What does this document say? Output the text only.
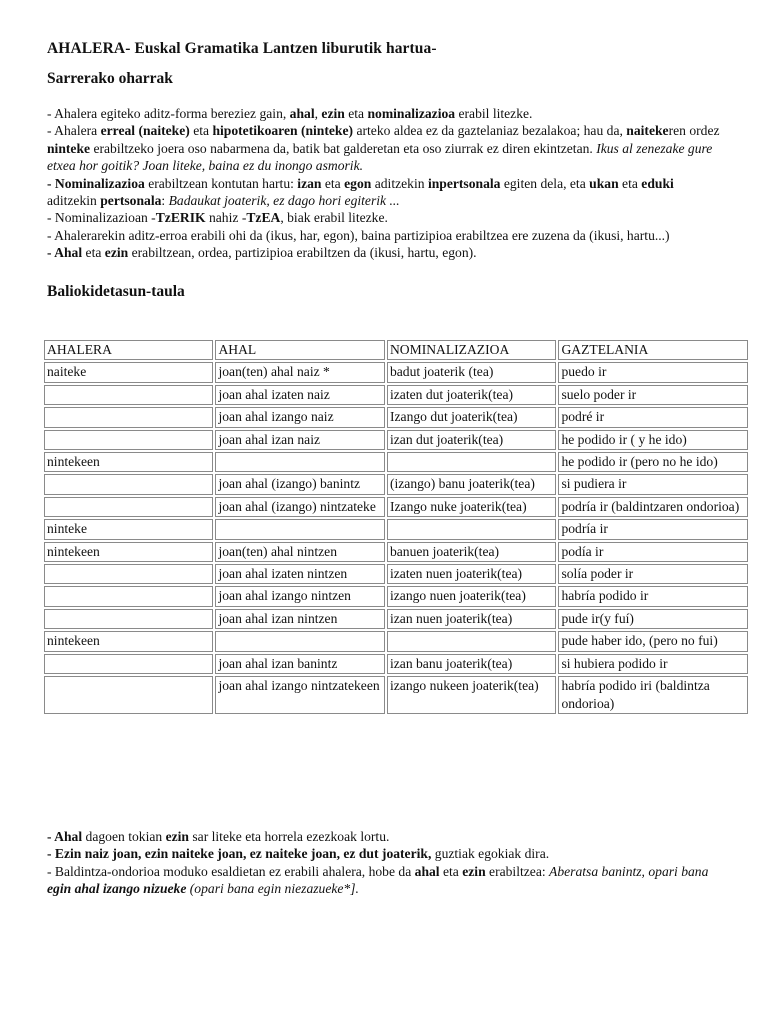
AHALERA- Euskal Gramatika Lantzen liburutik hartua-
Sarrerako oharrak

- Ahalera egiteko aditz-forma bereziez gain, ahal, ezin eta nominalizazioa erabil litezke.

- Ahalera erreal (naiteke) eta hipotetikoaren (ninteke) arteko aldea ez da gaztelaniaz bezalakoa; hau da, naitekeren ordez ninteke erabiltzeko joera oso nabarmena da, batik bat galderetan eta oso ziurrak ez diren ekintzetan. Ikus al zenezake gure etxea hor goitik? Joan liteke, baina ez du inongo asmorik.

- Nominalizazioa erabiltzean kontutan hartu: izan eta egon aditzekin inpertsonala egiten dela, eta ukan eta eduki aditzekin pertsonala: Badaukat joaterik, ez dago hori egiterik ...

- Nominalizazioan -TzERIK nahiz -TzEA, biak erabil litezke.

- Ahalerarekin aditz-erroa erabili ohi da (ikus, har, egon), baina partizipioa erabiltzea ere zuzena da (ikusi, hartu...)

- Ahal eta ezin erabiltzean, ordea, partizipioa erabiltzen da (ikusi, hartu, egon).

Baliokidetasun-taula
AHALERA	AHAL	NOMINALIZAZIOA	GAZTELANIA
naiteke	joan(ten) ahal naiz *	badut joaterik (tea)	puedo ir
	joan ahal izaten naiz	izaten dut joaterik(tea)	suelo poder ir
	joan ahal izango naiz	Izango dut joaterik(tea)	podré ir
	joan ahal izan naiz	izan dut joaterik(tea)	he podido ir ( y he ido)
nintekeen			he podido ir (pero no he ido)
	joan ahal (izango) banintz	(izango) banu joaterik(tea)	si pudiera ir
	joan ahal (izango) nintzateke	Izango nuke joaterik(tea)	podría ir (baldintzaren ondorioa)
ninteke			podría ir
nintekeen	joan(ten) ahal nintzen	banuen joaterik(tea)	podía ir
	joan ahal izaten nintzen	izaten nuen joaterik(tea)	solía poder ir
	joan ahal izango nintzen	izango nuen joaterik(tea)	habría podido ir
	joan ahal izan nintzen	izan nuen joaterik(tea)	pude ir(y fuí)
nintekeen			pude haber ido, (pero no fui)
	joan ahal izan banintz	izan banu joaterik(tea)	si hubiera podido ir
	joan ahal izango nintzatekeen	izango nukeen joaterik(tea)	habría podido iri (baldintza ondorioa)

- Ahal dagoen tokian ezin sar liteke eta horrela ezezkoak lortu.

- Ezin naiz joan, ezin naiteke joan, ez naiteke joan, ez dut joaterik, guztiak egokiak dira.

- Baldintza-ondorioa moduko esaldietan ez erabili ahalera, hobe da ahal eta ezin erabiltzea: Aberatsa banintz, opari bana egin ahal izango nizueke (opari bana egin niezazueke*].
